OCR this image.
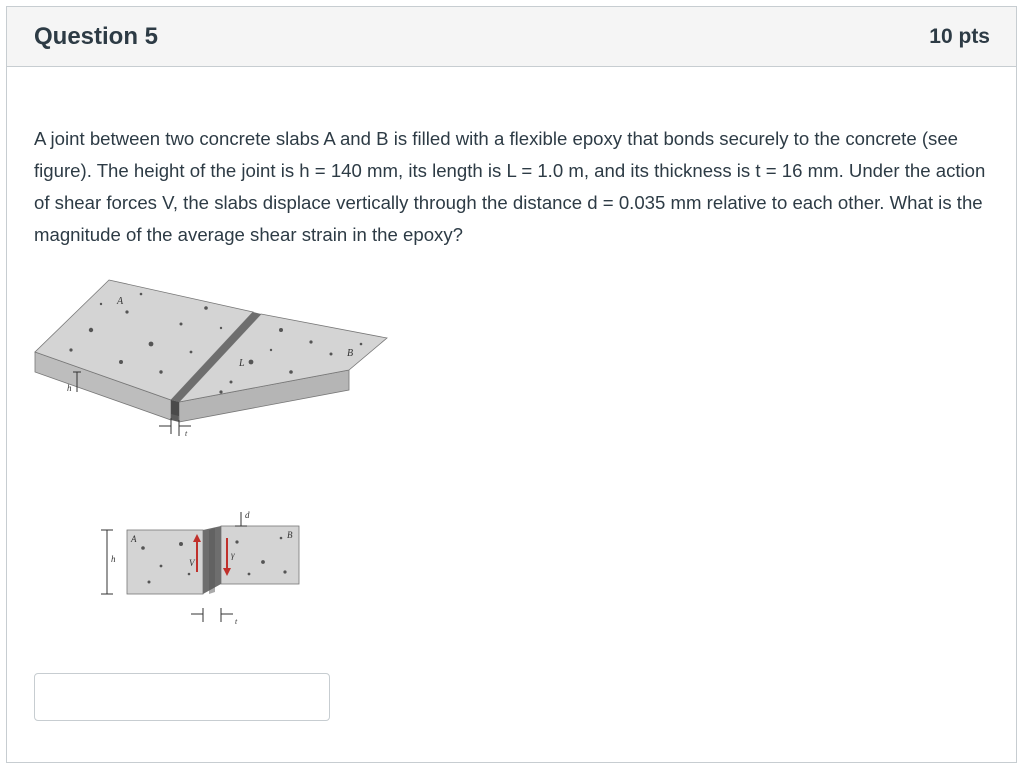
Question 5	10 pts

A joint between two concrete slabs A and B is filled with a flexible epoxy that bonds securely to the concrete (see figure). The height of the joint is h = 140 mm, its length is L = 1.0 m, and its thickness is t = 16 mm. Under the action of shear forces V, the slabs displace vertically through the distance d = 0.035 mm relative to each other. What is the magnitude of the average shear strain in the epoxy?

A
B
L
h
t
A	B
h	V
γ
d
t
